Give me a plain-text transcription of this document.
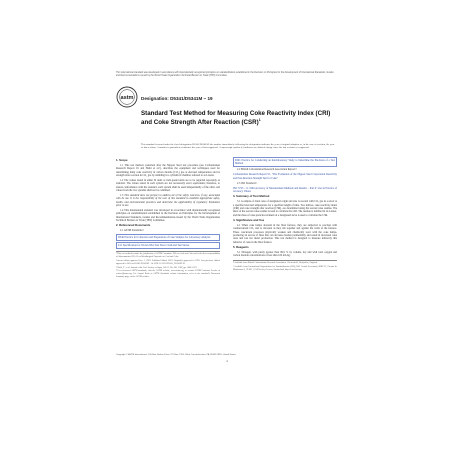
This international standard was developed in accordance with internationally recognized principles on standardization established in the Decision on Principles for the Development of International Standards, Guides and Recommendations issued by the World Trade Organization Technical Barriers to Trade (TBT) Committee.
astm Designation: D5341/D5341M − 19
Standard Test Method for Measuring Coke Reactivity Index (CRI) and Coke Strength After Reaction (CSR)$^1$
This standard is issued under the fixed designation D5341/D5341M; the number immediately following the designation indicates the year of original adoption or, in the case of revision, the year of last revision. A number in parentheses indicates the year of last reapproval. A superscript epsilon (ε) indicates an editorial change since the last revision or reapproval.
1. Scope

1.1 This test method, patterned after the Nippon Steel test procedure (see Carbonization Research Report 91 and Nishi et al.²), describes the equipment and techniques used for determining lump coke reactivity in carbon dioxide (CO₂) gas at elevated temperatures and its strength after reaction in CO₂ gas by tumbling in a cylindrical chamber referred to as I-tester.

1.2 The values stated in either SI units or inch-pound units are to be regarded separately as standard. The values stated in each system are not necessarily exact equivalents; therefore, to ensure conformance with the standard, each system shall be used independently of the other, and values from the two systems shall not be combined.

1.3 This standard does not purport to address all of the safety concerns, if any, associated with its use. It is the responsibility of the user of this standard to establish appropriate safety, health, and environmental practices and determine the applicability of regulatory limitations prior to use.

1.4 This international standard was developed in accordance with internationally recognized principles on standardization established in the Decision on Principles for the Development of International Standards, Guides and Recommendations issued by the World Trade Organization Technical Barriers to Trade (TBT) Committee.

2. Referenced Documents

2.1 ASTM Standards:³

D346 Practice for Collection and Preparation of Coke Samples for Laboratory Analysis

E11 Specification for Woven Wire Test Sieve Cloth and Test Sieves

¹ This test method is under the jurisdiction of ASTM Committee D05 on Coal and Coke and is the direct responsibility of Subcommittee D05.15 on Metallurgical Properties of Coal and Coke.

Current edition approved Jan. 1, 2019. Published March 2019. Originally approved in 1993. Last previous edition approved in 2014 as D5341/D5341M – 14. DOI: 10.1520/D5341_D5341M-19.

² Nishi, T., et al. Journal of the Fuel Society of Japan, Vol 61, No. 661, 1982, pp. 1066–1073.

³ For referenced ASTM standards, visit the ASTM website, www.astm.org, or contact ASTM Customer Service at service@astm.org. For Annual Book of ASTM Standards volume information, refer to the standard's Document Summary page on the ASTM website.

E691 Practice for Conducting an Interlaboratory Study to Determine the Precision of a Test Method

2.2 British Carbonization Research Association Report:⁴

Carbonization Research Report 91, "The Evaluation of the Nippon Steel Corporation Reactivity and Post-Reaction Strength Test for Coke"

2.3 ISO Standard:⁵

ISO 5725 – 6: 1994 Accuracy of Measurement Methods and Results – Part 6: Use in Practice of Accuracy Values

3. Summary of Test Method

3.1 A sample of dried coke of designated origin and size is reacted with CO₂ gas in a retort at a specified elevated temperature for a specified length of time. Two indices, coke reactivity index (CRI) and coke strength after reaction (CSR), are determined using the reacted coke residue. The mass of the reacted coke residue is used to calculate the CRI. The residue is tumbled in an I-tester, and the mass of coke particles retained on a designated sieve is used to calculate the CSR.

4. Significance and Use

4.1 When coke lumps descend in the blast furnace, they are subjected to reaction with countercurrent CO₂ and to abrasion as they rub together and against the walls of the furnace. These concurrent processes physically weaken and chemically react with the coke lumps, producing an excess of fines that can decrease burden permeability and result in increased coke rates and lost hot metal production. This test method is designed to measure indirectly this behavior of coke in the blast furnace.

5. Reagents

5.1 Nitrogen, with purity greater than 99.9 % by volume, dry and with total oxygen and carbon dioxide concentrations of less than 100 mL/kg.

⁴ Available from British Carbonisation Research Association, Chesterfield, Derbyshire, England.

⁵ Available from International Organization for Standardization (ISO), ISO Central Secretariat, BIBC II, Chemin de Blandonnet 8, CP 401, 1214 Vernier, Geneva, Switzerland, http://www.iso.org.

Copyright © ASTM International, 100 Barr Harbor Drive, PO Box C700, West Conshohocken, PA 19428-2959. United States
1
